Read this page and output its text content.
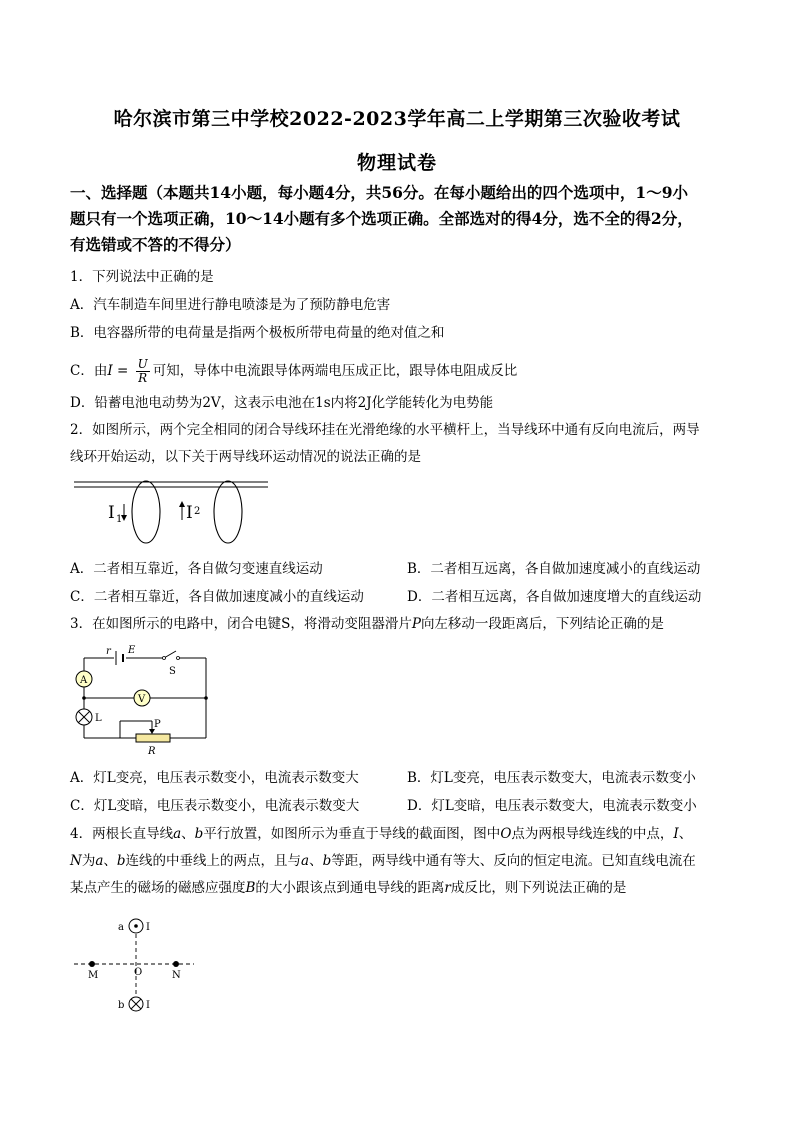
哈尔滨市第三中学校2022-2023学年高二上学期第三次验收考试
物理试卷
一、选择题（本题共14小题，每小题4分，共56分。在每小题给出的四个选项中，1～9小
题只有一个选项正确，10～14小题有多个选项正确。全部选对的得4分，选不全的得2分，
有选错或不答的不得分）
1．下列说法中正确的是
A．汽车制造车间里进行静电喷漆是为了预防静电危害
B．电容器所带的电荷量是指两个极板所带电荷量的绝对值之和
C．由$I = \frac{U}{R}$ 可知，导体中电流跟导体两端电压成正比，跟导体电阻成反比
D．铅蓄电池电动势为2V，这表示电池在1s内将2J化学能转化为电势能
2．如图所示，两个完全相同的闭合导线环挂在光滑绝缘的水平横杆上，当导线环中通有反向电流后，两导
线环开始运动，以下关于两导线环运动情况的说法正确的是
I 1	I 2
A．二者相互靠近，各自做匀变速直线运动	B．二者相互远离，各自做加速度减小的直线运动
C．二者相互靠近，各自做加速度减小的直线运动	D．二者相互远离，各自做加速度增大的直线运动
3．在如图所示的电路中，闭合电键S，将滑动变阻器滑片P向左移动一段距离后，下列结论正确的是
r E
S
A
V
L
P
R
A．灯L变亮，电压表示数变小，电流表示数变大	B．灯L变亮，电压表示数变大，电流表示数变小
C．灯L变暗，电压表示数变小，电流表示数变大	D．灯L变暗，电压表示数变大，电流表示数变小
4．两根长直导线a、b平行放置，如图所示为垂直于导线的截面图，图中O点为两根导线连线的中点，I、
N为a、b连线的中垂线上的两点，且与a、b等距，两导线中通有等大、反向的恒定电流。已知直线电流在
某点产生的磁场的磁感应强度B的大小跟该点到通电导线的距离r成反比，则下列说法正确的是
a I
b I
M	O	N
